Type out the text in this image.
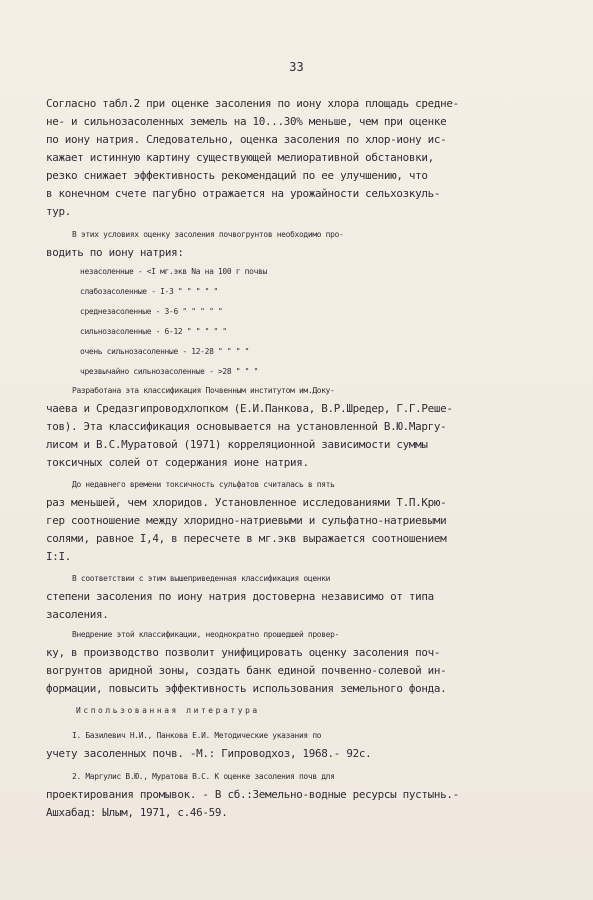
33
Согласно табл.2 при оценке засоления по иону хлора площадь средне-
не- и сильнозасоленных земель на 10...30% меньше, чем при оценке
по иону натрия. Следовательно, оценка засоления по хлор-иону ис-
кажает истинную картину существующей мелиоративной обстановки,
резко снижает эффективность рекомендаций по ее улучшению, что
в конечном счете пагубно отражается на урожайности сельхозкуль-
тур.
В этих условиях оценку засоления почвогрунтов необходимо про-
водить по иону натрия:
незасоленные - <I мг.экв Na на 100 г почвы
слабозасоленные - I-3 " " " " "
среднезасоленные - 3-6 " " " " "
сильнозасоленные - 6-12 " " " " "
очень сильнозасоленные - 12-28 " " " "
чрезвычайно сильнозасоленные - >28 " " "
Разработана эта классификация Почвенным институтом им.Доку-
чаева и Средазгипроводхлопком (Е.И.Панкова, В.Р.Шредер, Г.Г.Реше-
тов). Эта классификация основывается на установленной В.Ю.Маргу-
лисом и В.С.Муратовой (1971) корреляционной зависимости суммы
токсичных солей от содержания ионе натрия.
До недавнего времени токсичность сульфатов считалась в пять
раз меньшей, чем хлоридов. Установленное исследованиями Т.П.Крю-
гер соотношение между хлоридно-натриевыми и сульфатно-натриевыми
солями, равное I,4, в пересчете в мг.экв выражается соотношением
I:I.
В соответствии с этим вышеприведенная классификация оценки
степени засоления по иону натрия достоверна независимо от типа
засоления.
Внедрение этой классификации, неоднократно прошедшей провер-
ку, в производство позволит унифицировать оценку засоления поч-
вогрунтов аридной зоны, создать банк единой почвенно-солевой ин-
формации, повысить эффективность использования земельного фонда.
Использованная литература
I. Базилевич Н.И., Панкова Е.И. Методические указания по
учету засоленных почв. -М.: Гипроводхоз, 1968.- 92с.
2. Маргулис В.Ю., Муратова В.С. К оценке засоления почв для
проектирования промывок. - В сб.:Земельно-водные ресурсы пустынь.-
Ашхабад: Ылым, 1971, с.46-59.
